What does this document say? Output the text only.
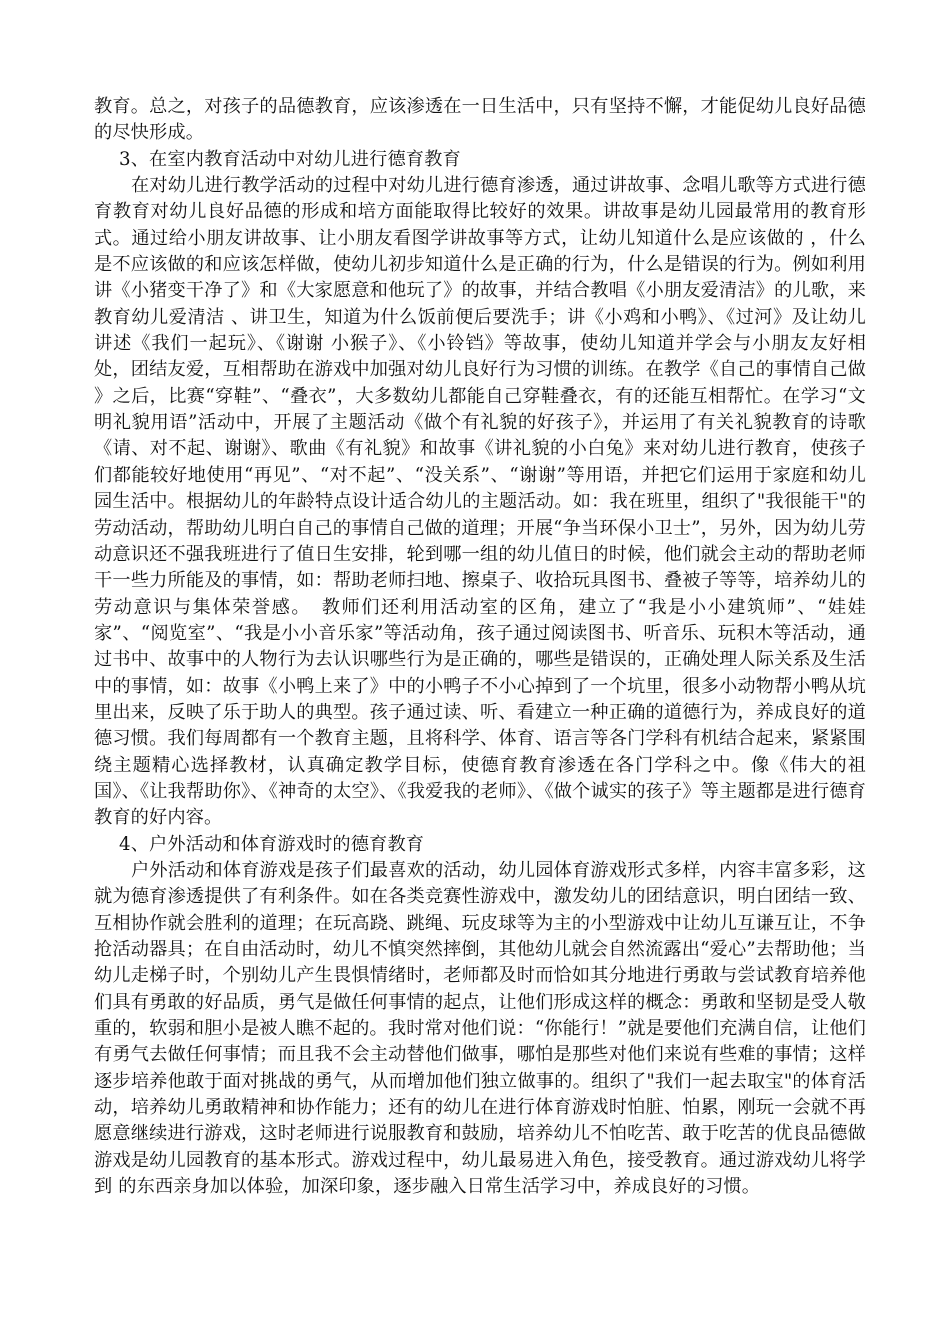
教育。总之，对孩子的品德教育，应该渗透在一日生活中，只有坚持不懈，才能促幼儿良好品德的尽快形成。

3、在室内教育活动中对幼儿进行德育教育

在对幼儿进行教学活动的过程中对幼儿进行德育渗透，通过讲故事、念唱儿歌等方式进行德育教育对幼儿良好品德的形成和培方面能取得比较好的效果。讲故事是幼儿园最常用的教育形式。通过给小朋友讲故事、让小朋友看图学讲故事等方式，让幼儿知道什么是应该做的 ，什么是不应该做的和应该怎样做，使幼儿初步知道什么是正确的行为，什么是错误的行为。例如利用 讲《小猪变干净了》和《大家愿意和他玩了》的故事，并结合教唱《小朋友爱清洁》的儿歌，来教育幼儿爱清洁 、讲卫生，知道为什么饭前便后要洗手；讲《小鸡和小鸭》、《过河》及让幼儿讲述《我们一起玩》、《谢谢 小猴子》、《小铃铛》等故事，使幼儿知道并学会与小朋友友好相处，团结友爱，互相帮助在游戏中加强对幼儿良好行为习惯的训练。在教学《自己的事情自己做 》之后，比赛“穿鞋”、“叠衣”，大多数幼儿都能自己穿鞋叠衣，有的还能互相帮忙。在学习“文明礼貌用语”活动中，开展了主题活动《做个有礼貌的好孩子》，并运用了有关礼貌教育的诗歌《请、对不起、谢谢》、歌曲《有礼貌》和故事《讲礼貌的小白兔》来对幼儿进行教育，使孩子们都能较好地使用“再见”、“对不起”、“没关系”、“谢谢”等用语，并把它们运用于家庭和幼儿园生活中。根据幼儿的年龄特点设计适合幼儿的主题活动。如：我在班里，组织了"我很能干"的劳动活动，帮助幼儿明白自己的事情自己做的道理；开展“争当环保小卫士”，另外，因为幼儿劳动意识还不强我班进行了值日生安排，轮到哪一组的幼儿值日的时候，他们就会主动的帮助老师干一些力所能及的事情，如：帮助老师扫地、擦桌子、收拾玩具图书、叠被子等等，培养幼儿的劳动意识与集体荣誉感。　教师们还利用活动室的区角，建立了“我是小小建筑师”、“娃娃家”、“阅览室”、“我是小小音乐家”等活动角，孩子通过阅读图书、听音乐、玩积木等活动，通过书中、故事中的人物行为去认识哪些行为是正确的，哪些是错误的，正确处理人际关系及生活中的事情，如：故事《小鸭上来了》中的小鸭子不小心掉到了一个坑里，很多小动物帮小鸭从坑里出来，反映了乐于助人的典型。孩子通过读、听、看建立一种正确的道德行为，养成良好的道德习惯。我们每周都有一个教育主题，且将科学、体育、语言等各门学科有机结合起来，紧紧围绕主题精心选择教材，认真确定教学目标，使德育教育渗透在各门学科之中。像《伟大的祖国》、《让我帮助你》、《神奇的太空》、《我爱我的老师》、《做个诚实的孩子》等主题都是进行德育教育的好内容。

4、户外活动和体育游戏时的德育教育

户外活动和体育游戏是孩子们最喜欢的活动，幼儿园体育游戏形式多样，内容丰富多彩，这就为德育渗透提供了有利条件。如在各类竞赛性游戏中，激发幼儿的团结意识，明白团结一致、互相协作就会胜利的道理；在玩高跷、跳绳、玩皮球等为主的小型游戏中让幼儿互谦互让，不争抢活动器具；在自由活动时，幼儿不慎突然摔倒，其他幼儿就会自然流露出“爱心”去帮助他；当幼儿走梯子时，个别幼儿产生畏惧情绪时，老师都及时而恰如其分地进行勇敢与尝试教育培养他们具有勇敢的好品质，勇气是做任何事情的起点，让他们形成这样的概念：勇敢和坚韧是受人敬重的，软弱和胆小是被人瞧不起的。我时常对他们说：“你能行！”就是要他们充满自信，让他们有勇气去做任何事情；而且我不会主动替他们做事，哪怕是那些对他们来说有些难的事情；这样逐步培养他敢于面对挑战的勇气，从而增加他们独立做事的。组织了"我们一起去取宝"的体育活动，培养幼儿勇敢精神和协作能力；还有的幼儿在进行体育游戏时怕脏、怕累，刚玩一会就不再愿意继续进行游戏，这时老师进行说服教育和鼓励，培养幼儿不怕吃苦、敢于吃苦的优良品德做游戏是幼儿园教育的基本形式。游戏过程中，幼儿最易进入角色，接受教育。通过游戏幼儿将学到 的东西亲身加以体验，加深印象，逐步融入日常生活学习中，养成良好的习惯。
